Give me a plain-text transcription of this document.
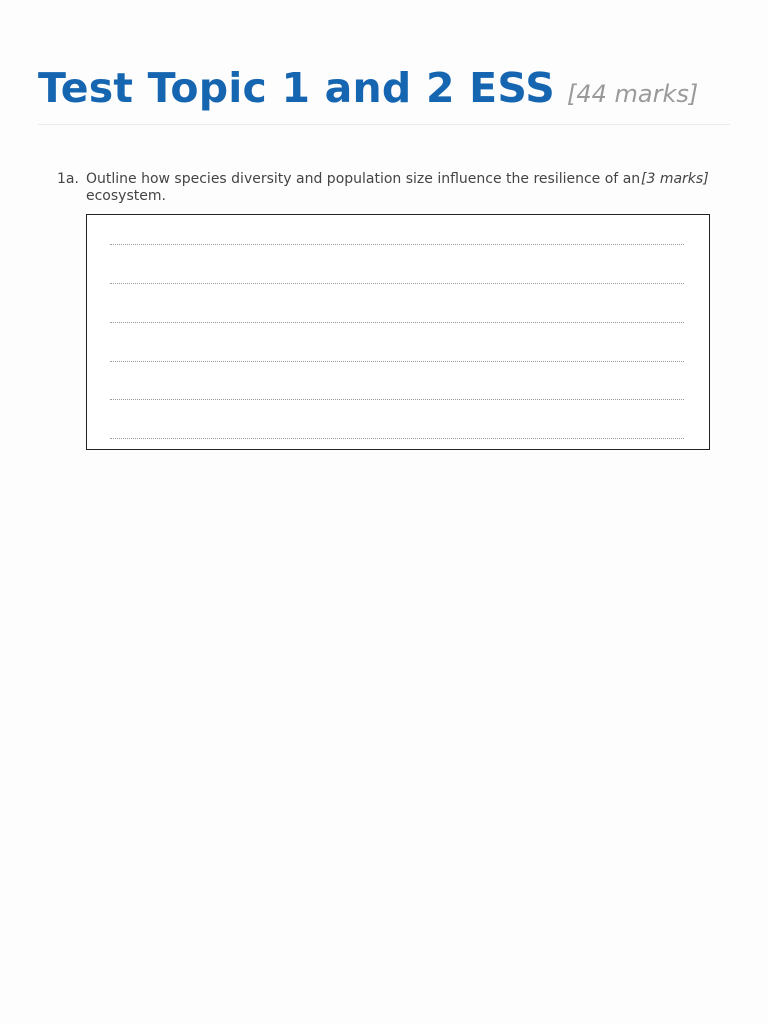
Test Topic 1 and 2 ESS [44 marks]
1a. Outline how species diversity and population size influence the resilience of an ecosystem.
[3 marks]
